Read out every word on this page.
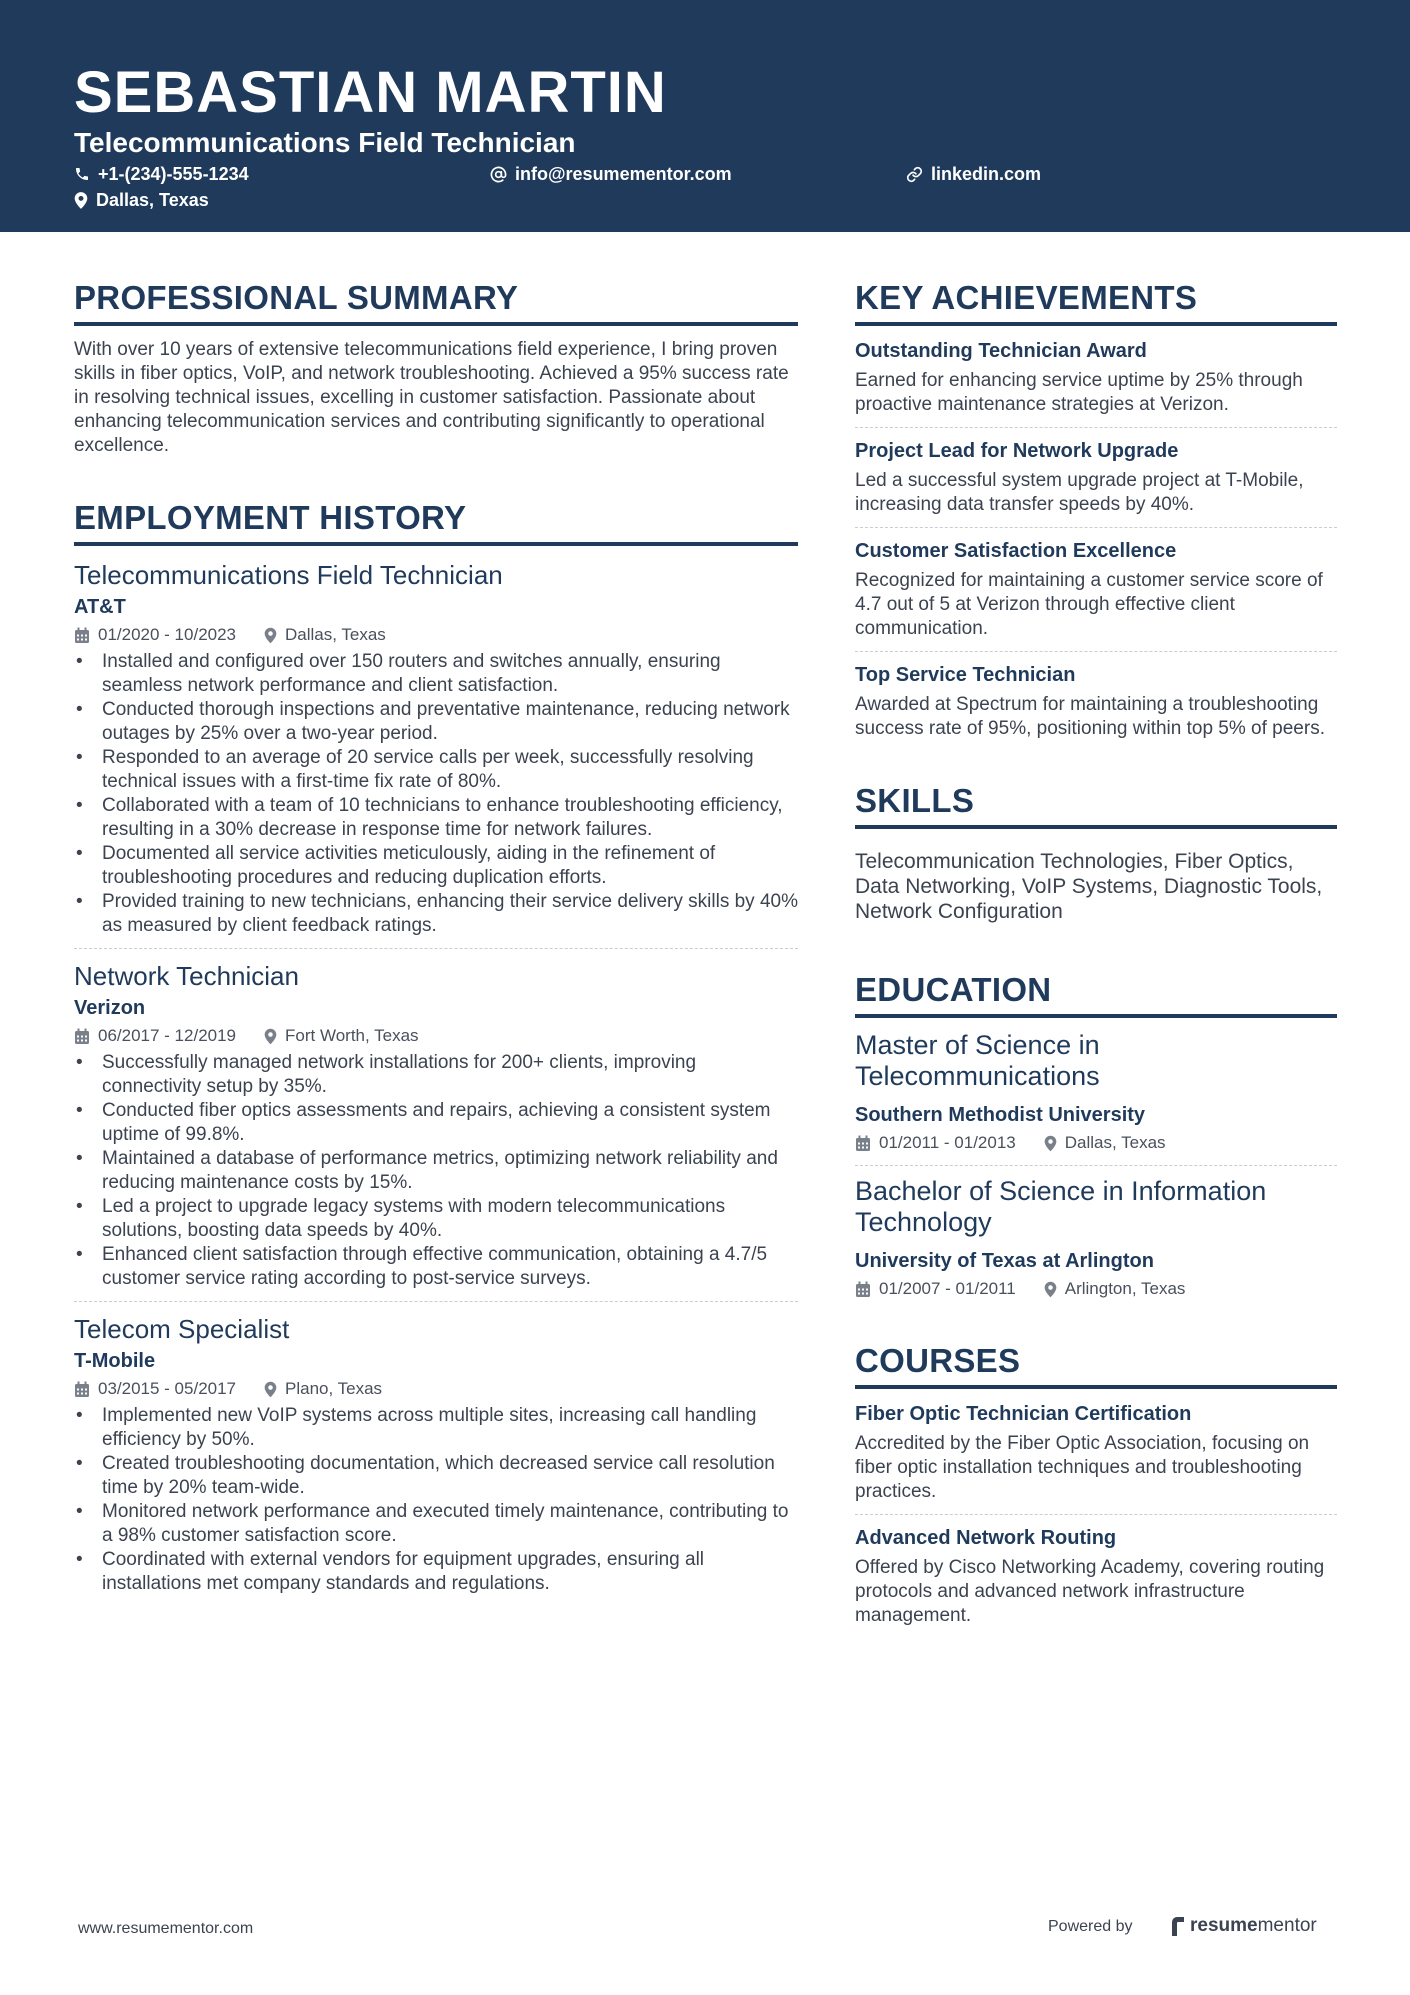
SEBASTIAN MARTIN
Telecommunications Field Technician
+1-(234)-555-1234	info@resumementor.com	linkedin.com
Dallas, Texas
PROFESSIONAL SUMMARY
With over 10 years of extensive telecommunications field experience, I bring proven skills in fiber optics, VoIP, and network troubleshooting. Achieved a 95% success rate in resolving technical issues, excelling in customer satisfaction. Passionate about enhancing telecommunication services and contributing significantly to operational excellence.
EMPLOYMENT HISTORY
Telecommunications Field Technician
AT&T
01/2020 - 10/2023	Dallas, Texas
• Installed and configured over 150 routers and switches annually, ensuring seamless network performance and client satisfaction.
• Conducted thorough inspections and preventative maintenance, reducing network outages by 25% over a two-year period.
• Responded to an average of 20 service calls per week, successfully resolving technical issues with a first-time fix rate of 80%.
• Collaborated with a team of 10 technicians to enhance troubleshooting efficiency, resulting in a 30% decrease in response time for network failures.
• Documented all service activities meticulously, aiding in the refinement of troubleshooting procedures and reducing duplication efforts.
• Provided training to new technicians, enhancing their service delivery skills by 40% as measured by client feedback ratings.
Network Technician
Verizon
06/2017 - 12/2019	Fort Worth, Texas
• Successfully managed network installations for 200+ clients, improving connectivity setup by 35%.
• Conducted fiber optics assessments and repairs, achieving a consistent system uptime of 99.8%.
• Maintained a database of performance metrics, optimizing network reliability and reducing maintenance costs by 15%.
• Led a project to upgrade legacy systems with modern telecommunications solutions, boosting data speeds by 40%.
• Enhanced client satisfaction through effective communication, obtaining a 4.7/5 customer service rating according to post-service surveys.
Telecom Specialist
T-Mobile
03/2015 - 05/2017	Plano, Texas
• Implemented new VoIP systems across multiple sites, increasing call handling efficiency by 50%.
• Created troubleshooting documentation, which decreased service call resolution time by 20% team-wide.
• Monitored network performance and executed timely maintenance, contributing to a 98% customer satisfaction score.
• Coordinated with external vendors for equipment upgrades, ensuring all installations met company standards and regulations.
KEY ACHIEVEMENTS
Outstanding Technician Award
Earned for enhancing service uptime by 25% through proactive maintenance strategies at Verizon.
Project Lead for Network Upgrade
Led a successful system upgrade project at T-Mobile, increasing data transfer speeds by 40%.
Customer Satisfaction Excellence
Recognized for maintaining a customer service score of 4.7 out of 5 at Verizon through effective client communication.
Top Service Technician
Awarded at Spectrum for maintaining a troubleshooting success rate of 95%, positioning within top 5% of peers.
SKILLS
Telecommunication Technologies, Fiber Optics, Data Networking, VoIP Systems, Diagnostic Tools, Network Configuration
EDUCATION
Master of Science in Telecommunications
Southern Methodist University
01/2011 - 01/2013	Dallas, Texas
Bachelor of Science in Information Technology
University of Texas at Arlington
01/2007 - 01/2011	Arlington, Texas
COURSES
Fiber Optic Technician Certification
Accredited by the Fiber Optic Association, focusing on fiber optic installation techniques and troubleshooting practices.
Advanced Network Routing
Offered by Cisco Networking Academy, covering routing protocols and advanced network infrastructure management.
www.resumementor.com	Powered by	resume mentor
